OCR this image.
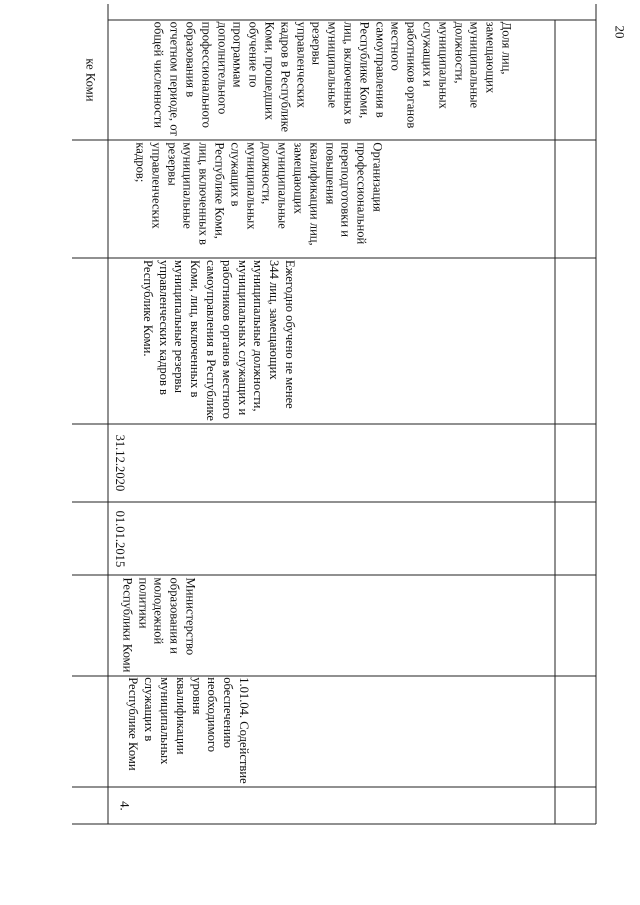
20
ке Коми
4.
1.01.04. Содействие обеспечению необходимого уровня квалификации муниципальных служащих в Республике Коми
Министерство образования и молодежной политики Республики Коми
01.01.2015
31.12.2020
Ежегодно обучено не менее 344 лиц, замещающих муниципальные должности, муниципальных служащих и работников органов местного самоуправления в Республике Коми, лиц, включенных в муниципальные резервы управленческих кадров в Республике Коми.
Организация профессиональной переподготовки и повышения квалификации лиц, замещающих муниципальные должности, муниципальных служащих в Республике Коми, лиц, включенных в муниципальные резервы управленческих кадров;
Доля лиц, замещающих муниципальные должности, муниципальных служащих и работников органов местного самоуправления в Республике Коми, лиц, включенных в муниципальные резервы управленческих кадров в Республике Коми, прошедших обучение по программам дополнительного профессионального образования в отчетном периоде, от общей численности
